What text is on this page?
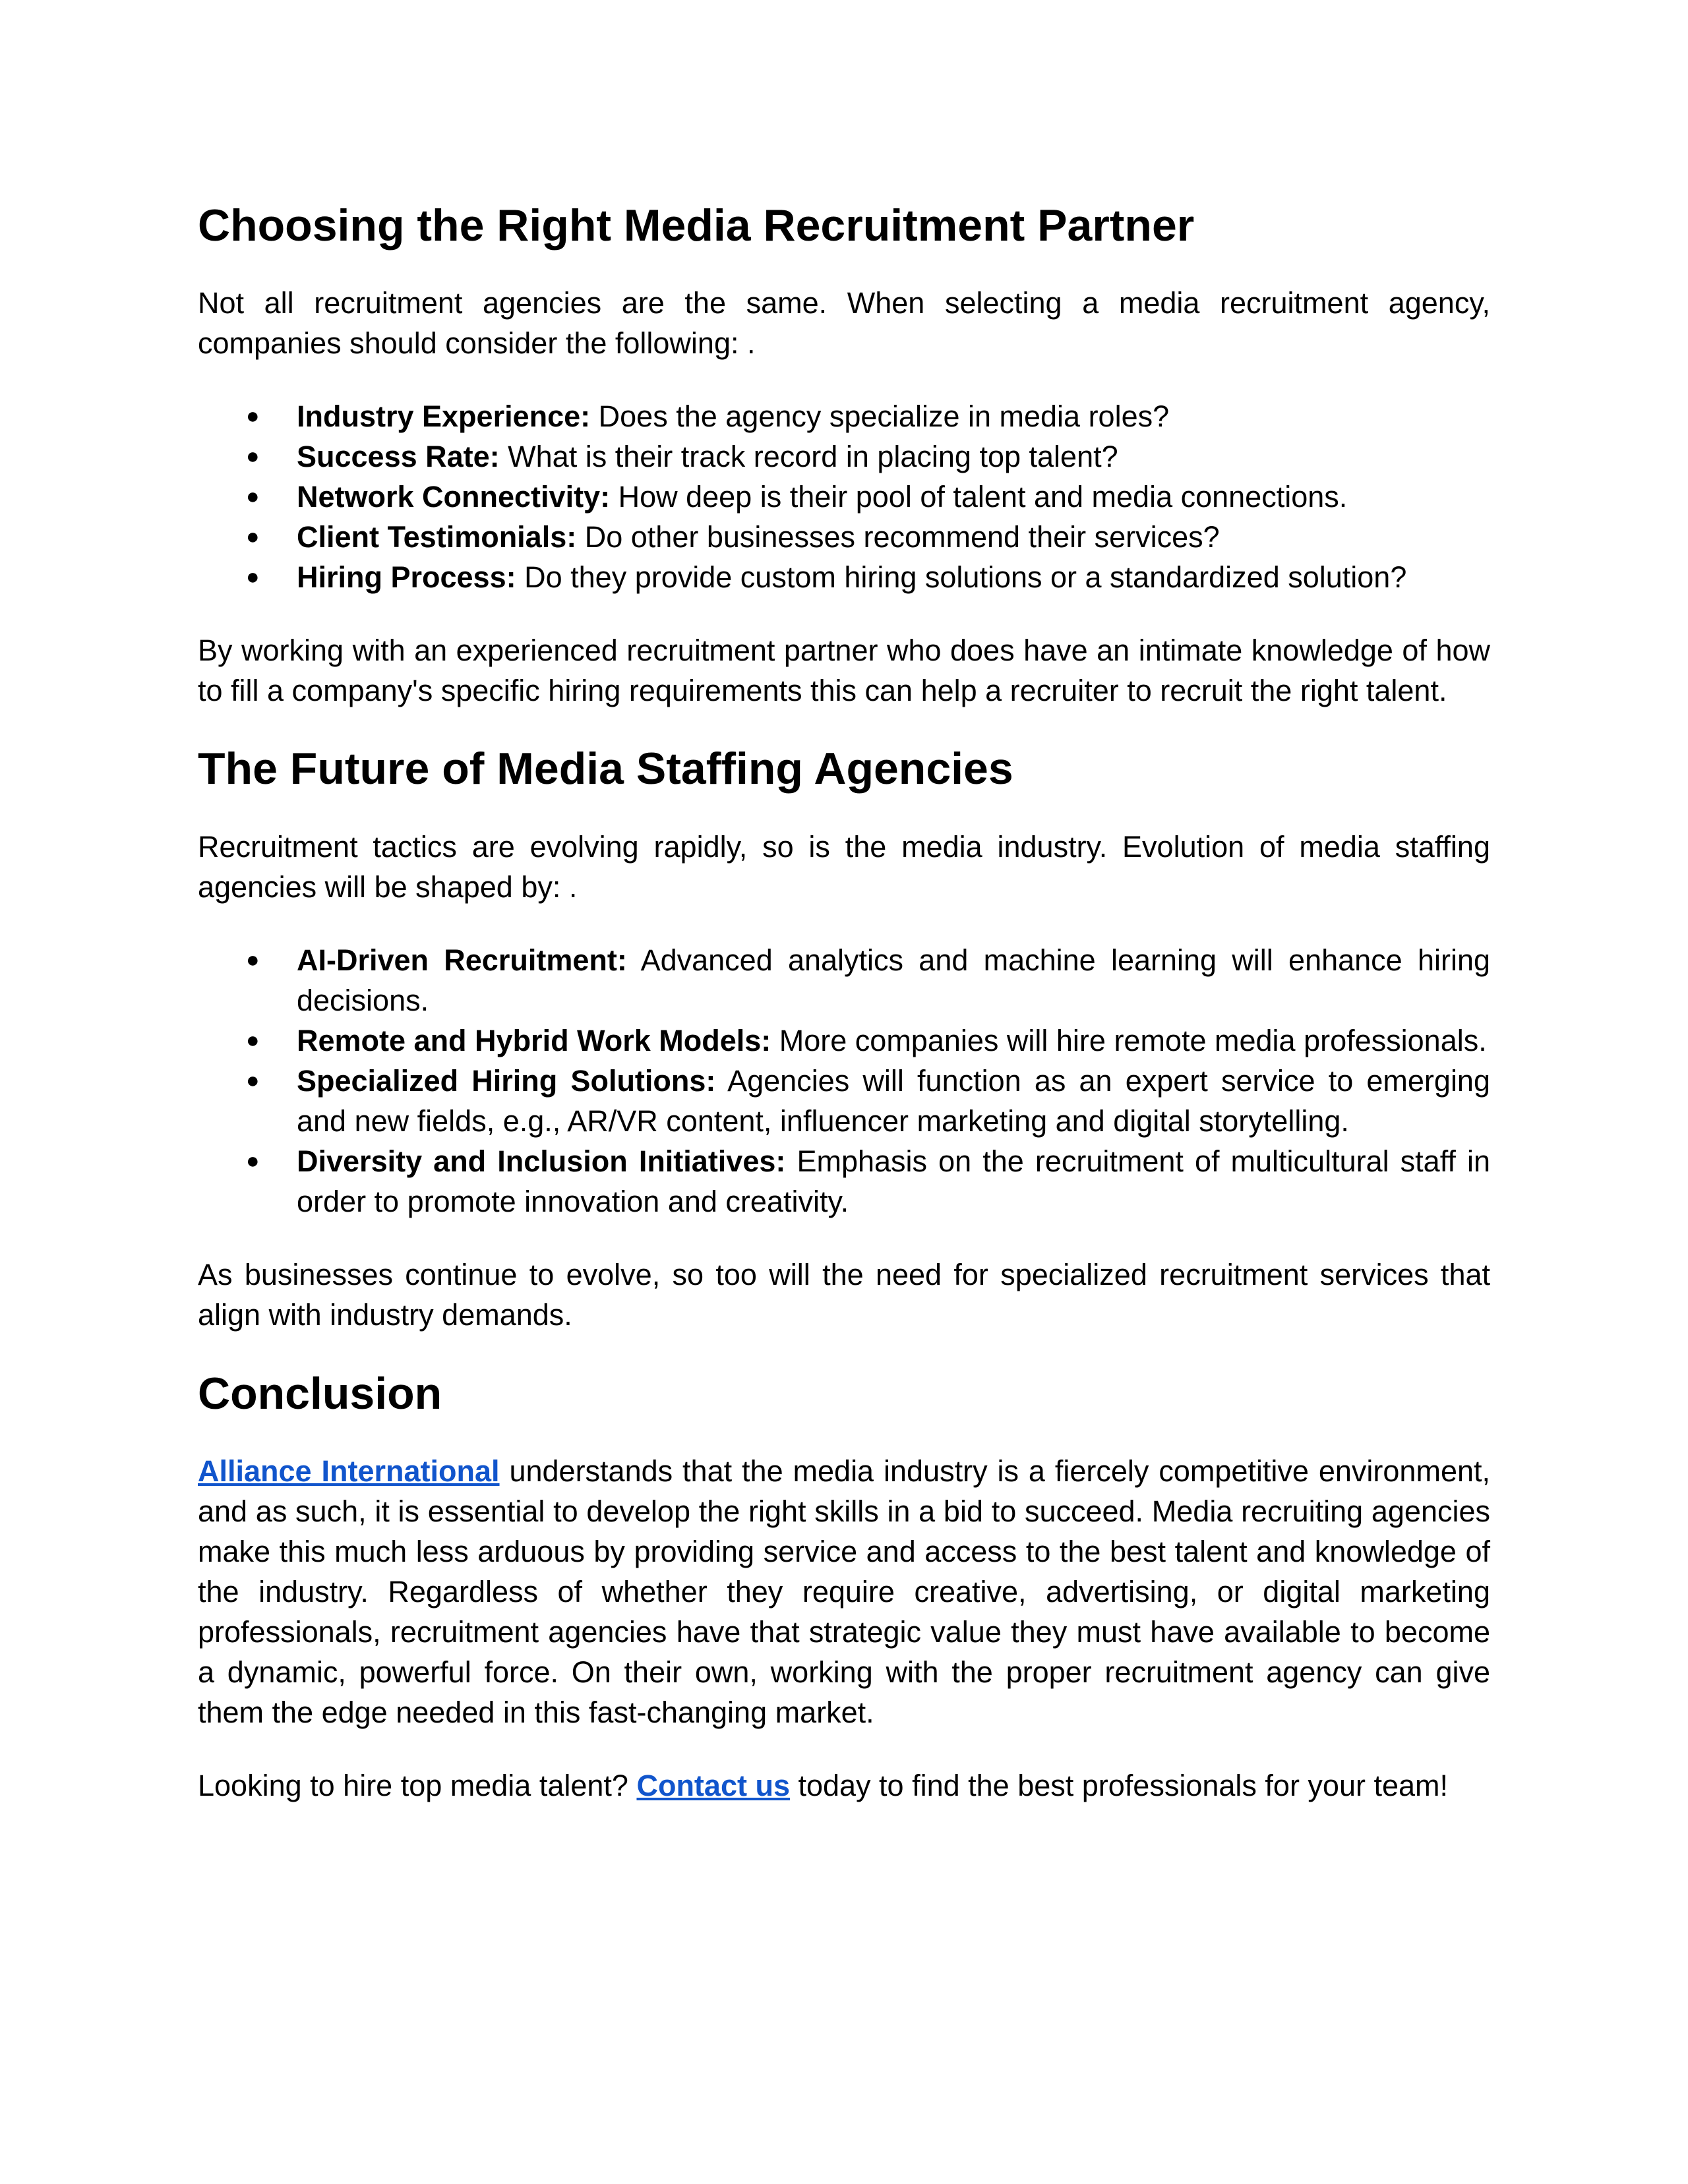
Choosing the Right Media Recruitment Partner

Not all recruitment agencies are the same. When selecting a media recruitment agency, companies should consider the following: .

● Industry Experience: Does the agency specialize in media roles?
● Success Rate: What is their track record in placing top talent?
● Network Connectivity: How deep is their pool of talent and media connections.
● Client Testimonials: Do other businesses recommend their services?
● Hiring Process: Do they provide custom hiring solutions or a standardized solution?

By working with an experienced recruitment partner who does have an intimate knowledge of how to fill a company's specific hiring requirements this can help a recruiter to recruit the right talent.

The Future of Media Staffing Agencies

Recruitment tactics are evolving rapidly, so is the media industry. Evolution of media staffing agencies will be shaped by: .

● AI-Driven Recruitment: Advanced analytics and machine learning will enhance hiring decisions.
● Remote and Hybrid Work Models: More companies will hire remote media professionals.
● Specialized Hiring Solutions: Agencies will function as an expert service to emerging and new fields, e.g., AR/VR content, influencer marketing and digital storytelling.
● Diversity and Inclusion Initiatives: Emphasis on the recruitment of multicultural staff in order to promote innovation and creativity.

As businesses continue to evolve, so too will the need for specialized recruitment services that align with industry demands.

Conclusion

Alliance International understands that the media industry is a fiercely competitive environment, and as such, it is essential to develop the right skills in a bid to succeed. Media recruiting agencies make this much less arduous by providing service and access to the best talent and knowledge of the industry. Regardless of whether they require creative, advertising, or digital marketing professionals, recruitment agencies have that strategic value they must have available to become a dynamic, powerful force. On their own, working with the proper recruitment agency can give them the edge needed in this fast-changing market.

Looking to hire top media talent? Contact us today to find the best professionals for your team!
